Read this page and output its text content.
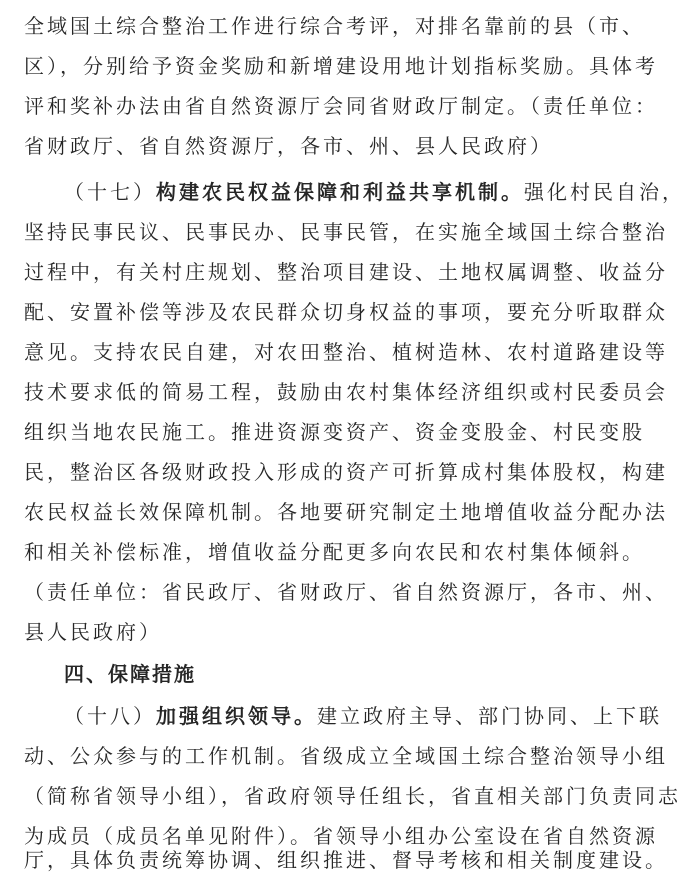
全域国土综合整治工作进行综合考评，对排名靠前的县（市、
区），分别给予资金奖励和新增建设用地计划指标奖励。具体考
评和奖补办法由省自然资源厅会同省财政厅制定。（责任单位：
省财政厅、省自然资源厅，各市、州、县人民政府）
（十七）构建农民权益保障和利益共享机制。强化村民自治，
坚持民事民议、民事民办、民事民管，在实施全域国土综合整治
过程中，有关村庄规划、整治项目建设、土地权属调整、收益分
配、安置补偿等涉及农民群众切身权益的事项，要充分听取群众
意见。支持农民自建，对农田整治、植树造林、农村道路建设等
技术要求低的简易工程，鼓励由农村集体经济组织或村民委员会
组织当地农民施工。推进资源变资产、资金变股金、村民变股
民，整治区各级财政投入形成的资产可折算成村集体股权，构建
农民权益长效保障机制。各地要研究制定土地增值收益分配办法
和相关补偿标准，增值收益分配更多向农民和农村集体倾斜。
（责任单位：省民政厅、省财政厅、省自然资源厅，各市、州、
县人民政府）
四、保障措施
（十八）加强组织领导。建立政府主导、部门协同、上下联
动、公众参与的工作机制。省级成立全域国土综合整治领导小组
（简称省领导小组），省政府领导任组长，省直相关部门负责同志
为成员（成员名单见附件）。省领导小组办公室设在省自然资源
厅，具体负责统筹协调、组织推进、督导考核和相关制度建设。
